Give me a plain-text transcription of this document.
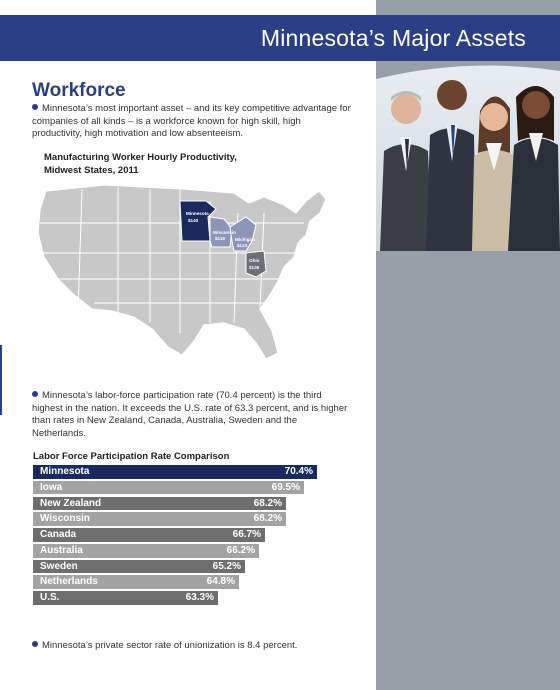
Minnesota’s Major Assets
Workforce
Minnesota’s most important asset – and its key competitive advantage for companies of all kinds – is a workforce known for high skill, high productivity, high motivation and low absenteeism.
Manufacturing Worker Hourly Productivity,
Midwest States, 2011
Minnesota
$140
Wisconsin
$118 Michigan
$124
Ohio
$136
Minnesota’s labor-force participation rate (70.4 percent) is the third highest in the nation. It exceeds the U.S. rate of 63.3 percent, and is higher than rates in New Zealand, Canada, Australia, Sweden and the Netherlands.
Labor Force Participation Rate Comparison
Minnesota	70.4%
Iowa	69.5%
New Zealand	68.2%
Wisconsin	68.2%
Canada	66.7%
Australia	66.2%
Sweden	65.2%
Netherlands	64.8%
U.S.	63.3%
Minnesota’s private sector rate of unionization is 8.4 percent.
